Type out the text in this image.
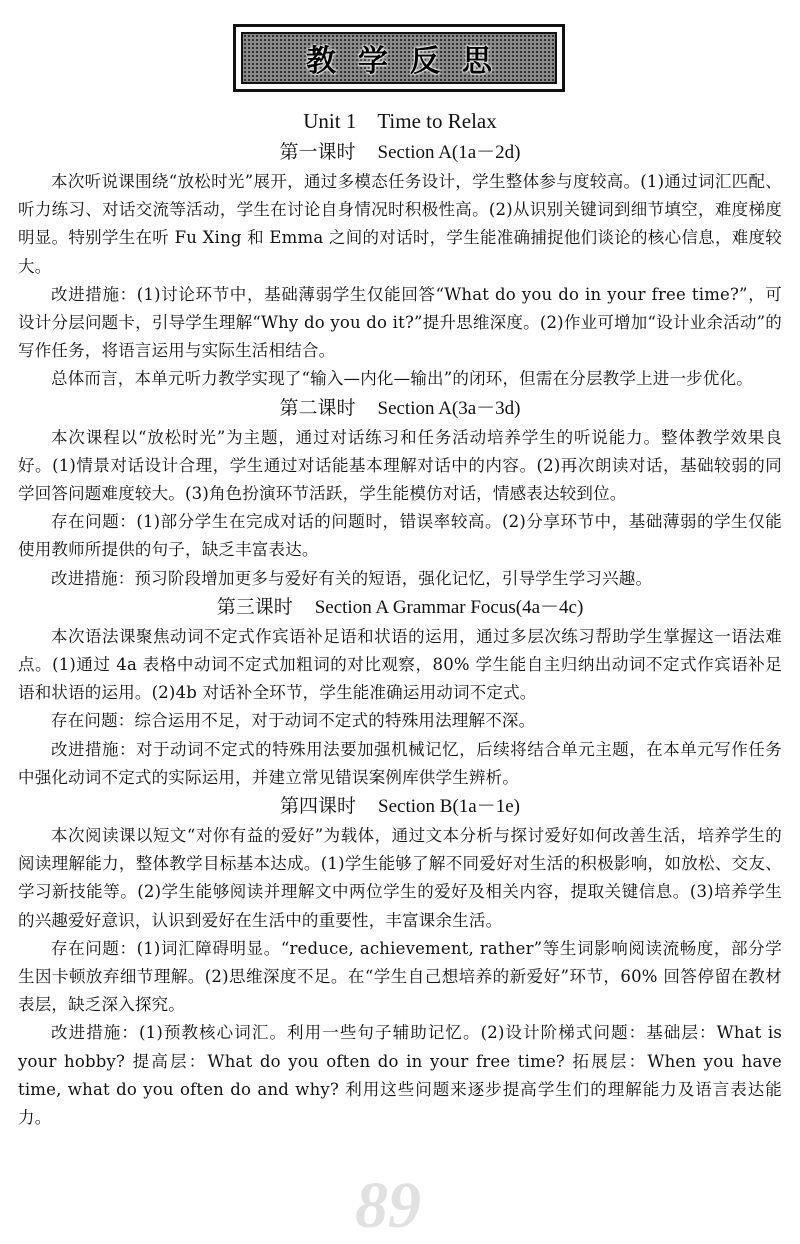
教学反思
89
Unit 1　Time to Relax
第一课时 Section A(1a－2d)

本次听说课围绕“放松时光”展开，通过多模态任务设计，学生整体参与度较高。(1)通过词汇匹配、听力练习、对话交流等活动，学生在讨论自身情况时积极性高。(2)从识别关键词到细节填空，难度梯度明显。特别学生在听 Fu Xing 和 Emma 之间的对话时，学生能准确捕捉他们谈论的核心信息，难度较大。

改进措施：(1)讨论环节中，基础薄弱学生仅能回答“What do you do in your free time?”，可设计分层问题卡，引导学生理解“Why do you do it?”提升思维深度。(2)作业可增加“设计业余活动”的写作任务，将语言运用与实际生活相结合。

总体而言，本单元听力教学实现了“输入—内化—输出”的闭环，但需在分层教学上进一步优化。

第二课时 Section A(3a－3d)

本次课程以“放松时光”为主题，通过对话练习和任务活动培养学生的听说能力。整体教学效果良好。(1)情景对话设计合理，学生通过对话能基本理解对话中的内容。(2)再次朗读对话，基础较弱的同学回答问题难度较大。(3)角色扮演环节活跃，学生能模仿对话，情感表达较到位。

存在问题：(1)部分学生在完成对话的问题时，错误率较高。(2)分享环节中，基础薄弱的学生仅能使用教师所提供的句子，缺乏丰富表达。

改进措施：预习阶段增加更多与爱好有关的短语，强化记忆，引导学生学习兴趣。

第三课时 Section A Grammar Focus(4a－4c)

本次语法课聚焦动词不定式作宾语补足语和状语的运用，通过多层次练习帮助学生掌握这一语法难点。(1)通过 4a 表格中动词不定式加粗词的对比观察，80% 学生能自主归纳出动词不定式作宾语补足语和状语的运用。(2)4b 对话补全环节，学生能准确运用动词不定式。

存在问题：综合运用不足，对于动词不定式的特殊用法理解不深。

改进措施：对于动词不定式的特殊用法要加强机械记忆，后续将结合单元主题，在本单元写作任务中强化动词不定式的实际运用，并建立常见错误案例库供学生辨析。

第四课时 Section B(1a－1e)

本次阅读课以短文“对你有益的爱好”为载体，通过文本分析与探讨爱好如何改善生活，培养学生的阅读理解能力，整体教学目标基本达成。(1)学生能够了解不同爱好对生活的积极影响，如放松、交友、学习新技能等。(2)学生能够阅读并理解文中两位学生的爱好及相关内容，提取关键信息。(3)培养学生的兴趣爱好意识，认识到爱好在生活中的重要性，丰富课余生活。

存在问题：(1)词汇障碍明显。“reduce, achievement, rather”等生词影响阅读流畅度，部分学生因卡顿放弃细节理解。(2)思维深度不足。在“学生自己想培养的新爱好”环节，60% 回答停留在教材表层，缺乏深入探究。

改进措施：(1)预教核心词汇。利用一些句子辅助记忆。(2)设计阶梯式问题：基础层：What is your hobby? 提高层：What do you often do in your free time? 拓展层：When you have time, what do you often do and why? 利用这些问题来逐步提高学生们的理解能力及语言表达能力。
